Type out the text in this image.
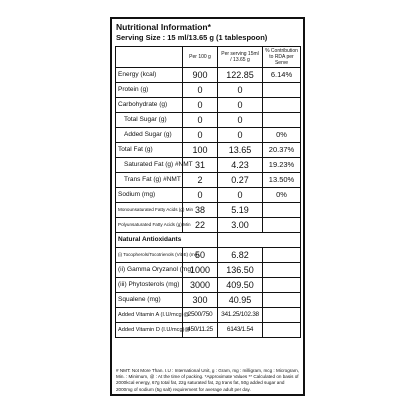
Nutritional Information*
Serving Size : 15 ml/13.65 g (1 tablespoon)
	Per 100 g	Per serving 15ml / 13.65 g	% Contribution to RDA per Serve
Energy (kcal)	900	122.85	6.14%
Protein (g)	0	0	
Carbohydrate (g)	0	0	
Total Sugar (g)	0	0	
Added Sugar (g)	0	0	0%
Total Fat (g)	100	13.65	20.37%
Saturated Fat (g) #NMT	31	4.23	19.23%
Trans Fat (g) #NMT	2	0.27	13.50%
Sodium (mg)	0	0	0%
Monounsaturated Fatty Acids (g) Min	38	5.19	
Polyunsaturated Fatty Acids (g) Min	22	3.00	
Natural Antioxidants			
(i) Tocopherols/Tocotrienols (Vit-E) (mg)	50	6.82	
(ii) Gamma Oryzanol (mg)	1000	136.50	
(iii) Phytosterols (mg)	3000	409.50	
Squalene (mg)	300	40.95	
Added Vitamin A (I.U/mcg)@	2500/750	341.25/102.38	
Added Vitamin D (I.U/mcg)@	450/11.25	6143/1.54	
# NMT: Not More Than. I.U : International Unit, g : Gram, mg : milligram, mcg : Microgram, Min. : Minimum, @ : At the time of packing. *Approximate Values ** Calculated on basis of 2000kcal energy, 67g total fat, 22g saturated fat, 2g trans fat, 50g added sugar and 2000mg of sodium (5g salt) requirement for average adult per day.
